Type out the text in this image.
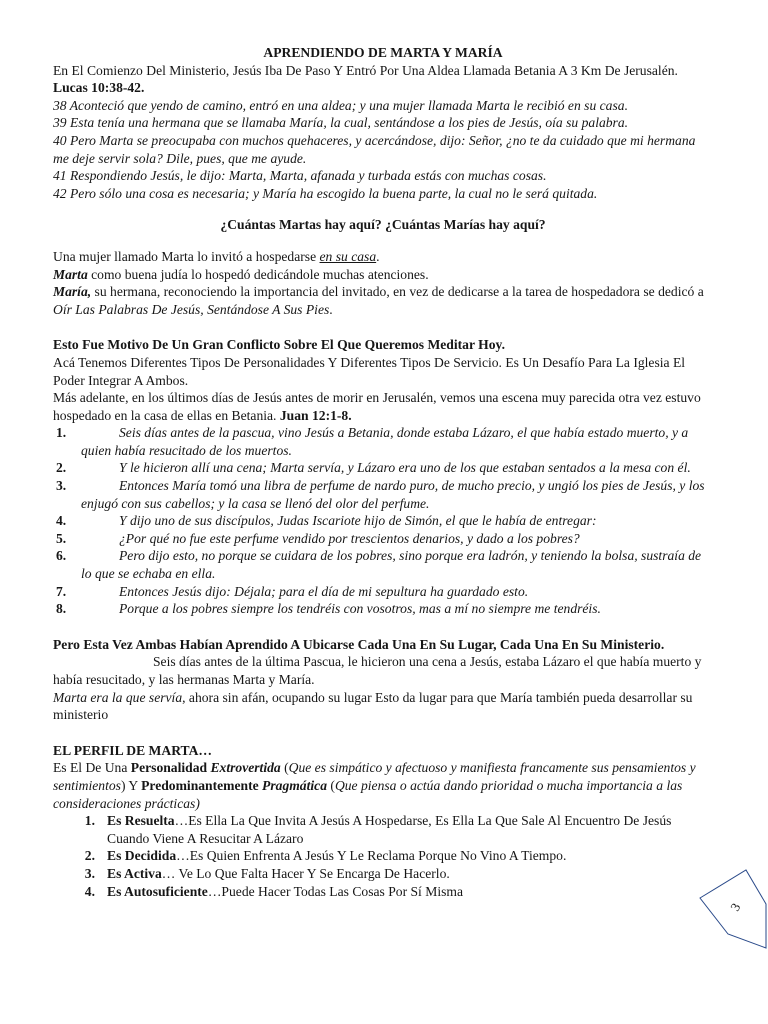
APRENDIENDO DE MARTA Y MARÍA

En El Comienzo Del Ministerio, Jesús Iba De Paso Y Entró Por Una Aldea Llamada Betania A 3 Km De Jerusalén. Lucas 10:38-42.

38 Aconteció que yendo de camino, entró en una aldea; y una mujer llamada Marta le recibió en su casa.

39 Esta tenía una hermana que se llamaba María, la cual, sentándose a los pies de Jesús, oía su palabra.

40 Pero Marta se preocupaba con muchos quehaceres, y acercándose, dijo: Señor, ¿no te da cuidado que mi hermana me deje servir sola? Dile, pues, que me ayude.

41 Respondiendo Jesús, le dijo: Marta, Marta, afanada y turbada estás con muchas cosas.

42 Pero sólo una cosa es necesaria; y María ha escogido la buena parte, la cual no le será quitada.

¿Cuántas Martas hay aquí? ¿Cuántas Marías hay aquí?

Una mujer llamado Marta lo invitó a hospedarse en su casa.

Marta como buena judía lo hospedó dedicándole muchas atenciones.

María, su hermana, reconociendo la importancia del invitado, en vez de dedicarse a la tarea de hospedadora se dedicó a Oír Las Palabras De Jesús, Sentándose A Sus Pies.

Esto Fue Motivo De Un Gran Conflicto Sobre El Que Queremos Meditar Hoy.

Acá Tenemos Diferentes Tipos De Personalidades Y Diferentes Tipos De Servicio. Es Un Desafío Para La Iglesia El Poder Integrar A Ambos.

Más adelante, en los últimos días de Jesús antes de morir en Jerusalén, vemos una escena muy parecida otra vez estuvo hospedado en la casa de ellas en Betania. Juan 12:1-8.

1.	Seis días antes de la pascua, vino Jesús a Betania, donde estaba Lázaro, el que había estado muerto, y a quien había resucitado de los muertos.
2.	Y le hicieron allí una cena; Marta servía, y Lázaro era uno de los que estaban sentados a la mesa con él.
3.	Entonces María tomó una libra de perfume de nardo puro, de mucho precio, y ungió los pies de Jesús, y los enjugó con sus cabellos; y la casa se llenó del olor del perfume.
4.	Y dijo uno de sus discípulos, Judas Iscariote hijo de Simón, el que le había de entregar:
5.	¿Por qué no fue este perfume vendido por trescientos denarios, y dado a los pobres?
6.	Pero dijo esto, no porque se cuidara de los pobres, sino porque era ladrón, y teniendo la bolsa, sustraía de lo que se echaba en ella.
7.	Entonces Jesús dijo: Déjala; para el día de mi sepultura ha guardado esto.
8.	Porque a los pobres siempre los tendréis con vosotros, mas a mí no siempre me tendréis.

Pero Esta Vez Ambas Habían Aprendido A Ubicarse Cada Una En Su Lugar, Cada Una En Su Ministerio.Seis días antes de la última Pascua, le hicieron una cena a Jesús, estaba Lázaro el que había muerto y había resucitado, y las hermanas Marta y María.

Marta era la que servía, ahora sin afán, ocupando su lugar Esto da lugar para que María también pueda desarrollar su ministerio

EL PERFIL DE MARTA…

Es El De Una Personalidad Extrovertida (Que es simpático y afectuoso y manifiesta francamente sus pensamientos y sentimientos) Y Predominantemente Pragmática (Que piensa o actúa dando prioridad o mucha importancia a las consideraciones prácticas)

1. Es Resuelta…Es Ella La Que Invita A Jesús A Hospedarse, Es Ella La Que Sale Al Encuentro De Jesús Cuando Viene A Resucitar A Lázaro
2. Es Decidida…Es Quien Enfrenta A Jesús Y Le Reclama Porque No Vino A Tiempo.
3. Es Activa… Ve Lo Que Falta Hacer Y Se Encarga De Hacerlo.
4. Es Autosuficiente…Puede Hacer Todas Las Cosas Por Sí Misma
3
